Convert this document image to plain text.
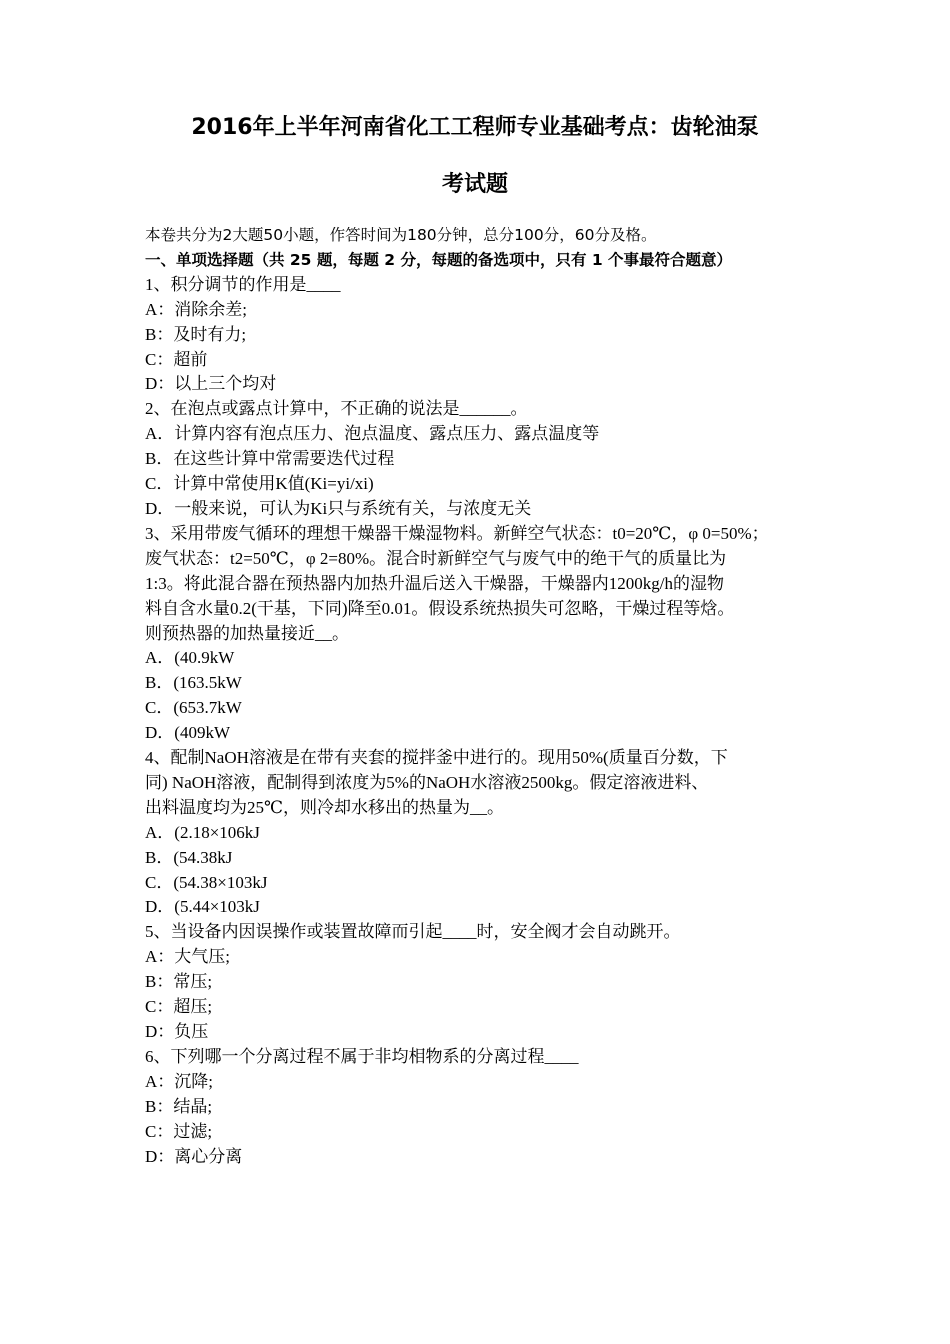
2016年上半年河南省化工工程师专业基础考点：齿轮油泵
考试题
本卷共分为2大题50小题，作答时间为180分钟，总分100分，60分及格。
一、单项选择题（共 25 题，每题 2 分，每题的备选项中，只有 1 个事最符合题意）
1、积分调节的作用是____
A：消除余差;
B：及时有力;
C：超前
D：以上三个均对
2、在泡点或露点计算中，不正确的说法是______。
A．计算内容有泡点压力、泡点温度、露点压力、露点温度等
B．在这些计算中常需要迭代过程
C．计算中常使用K值(Ki=yi/xi)
D．一般来说，可认为Ki只与系统有关，与浓度无关
3、采用带废气循环的理想干燥器干燥湿物料。新鲜空气状态：t0=20℃，φ 0=50%；
废气状态：t2=50℃，φ 2=80%。混合时新鲜空气与废气中的绝干气的质量比为
1:3。将此混合器在预热器内加热升温后送入干燥器，干燥器内1200kg/h的湿物
料自含水量0.2(干基，下同)降至0.01。假设系统热损失可忽略，干燥过程等焓。
则预热器的加热量接近__。
A．(40.9kW
B．(163.5kW
C．(653.7kW
D．(409kW
4、配制NaOH溶液是在带有夹套的搅拌釜中进行的。现用50%(质量百分数，下
同) NaOH溶液，配制得到浓度为5%的NaOH水溶液2500kg。假定溶液进料、
出料温度均为25℃，则冷却水移出的热量为__。
A．(2.18×106kJ
B．(54.38kJ
C．(54.38×103kJ
D．(5.44×103kJ
5、当设备内因误操作或装置故障而引起____时，安全阀才会自动跳开。
A：大气压;
B：常压;
C：超压;
D：负压
6、下列哪一个分离过程不属于非均相物系的分离过程____
A：沉降;
B：结晶;
C：过滤;
D：离心分离
